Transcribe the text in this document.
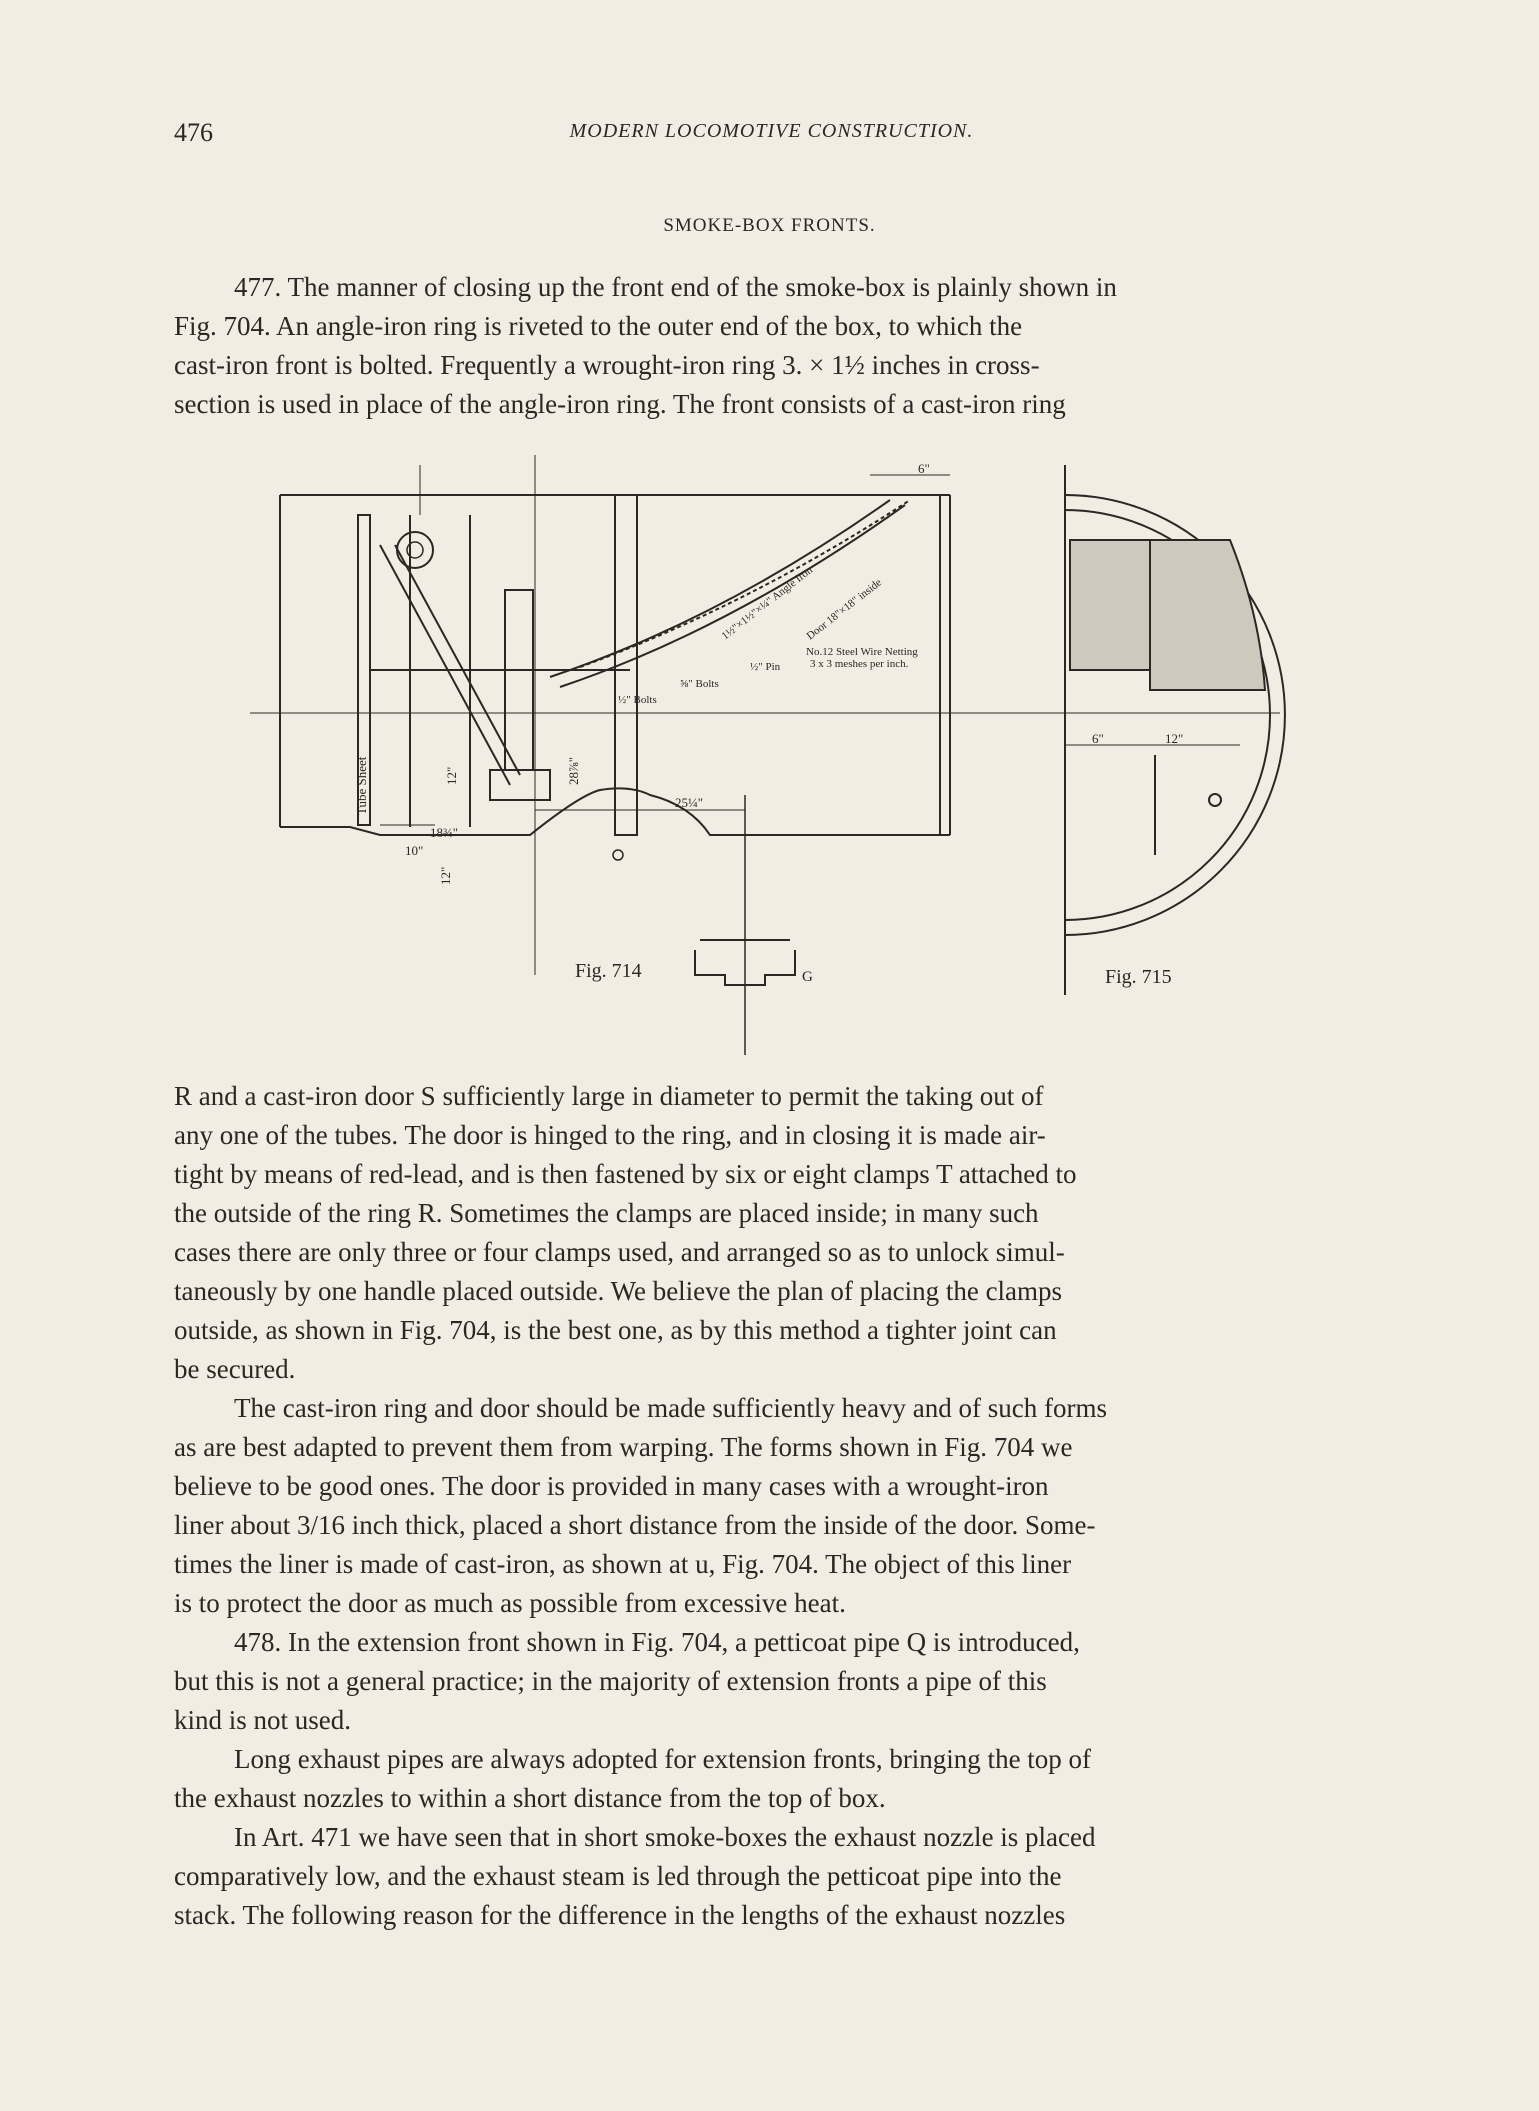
476	MODERN LOCOMOTIVE CONSTRUCTION.
SMOKE-BOX FRONTS.

477. The manner of closing up the front end of the smoke-box is plainly shown in
Fig. 704. An angle-iron ring is riveted to the outer end of the box, to which the
cast-iron front is bolted. Frequently a wrought-iron ring 3. × 1½ inches in cross-
section is used in place of the angle-iron ring. The front consists of a cast-iron ring

Fig. 714	Fig. 715
G
Tube Sheet
1½"×1½"×¼" Angle Iron
Door 18"×18" inside
No.12 Steel Wire Netting
3 x 3 meshes per inch.
½" Pin
⅝" Bolts
½" Bolts
6"
25¼"
28⅞"
12"
18¾"
10"
12"
12"
6"

R and a cast-iron door S sufficiently large in diameter to permit the taking out of
any one of the tubes. The door is hinged to the ring, and in closing it is made air-
tight by means of red-lead, and is then fastened by six or eight clamps T attached to
the outside of the ring R. Sometimes the clamps are placed inside; in many such
cases there are only three or four clamps used, and arranged so as to unlock simul-
taneously by one handle placed outside. We believe the plan of placing the clamps
outside, as shown in Fig. 704, is the best one, as by this method a tighter joint can
be secured.

The cast-iron ring and door should be made sufficiently heavy and of such forms
as are best adapted to prevent them from warping. The forms shown in Fig. 704 we
believe to be good ones. The door is provided in many cases with a wrought-iron
liner about 3/16 inch thick, placed a short distance from the inside of the door. Some-
times the liner is made of cast-iron, as shown at u, Fig. 704. The object of this liner
is to protect the door as much as possible from excessive heat.

478. In the extension front shown in Fig. 704, a petticoat pipe Q is introduced,
but this is not a general practice; in the majority of extension fronts a pipe of this
kind is not used.

Long exhaust pipes are always adopted for extension fronts, bringing the top of
the exhaust nozzles to within a short distance from the top of box.

In Art. 471 we have seen that in short smoke-boxes the exhaust nozzle is placed
comparatively low, and the exhaust steam is led through the petticoat pipe into the
stack. The following reason for the difference in the lengths of the exhaust nozzles
